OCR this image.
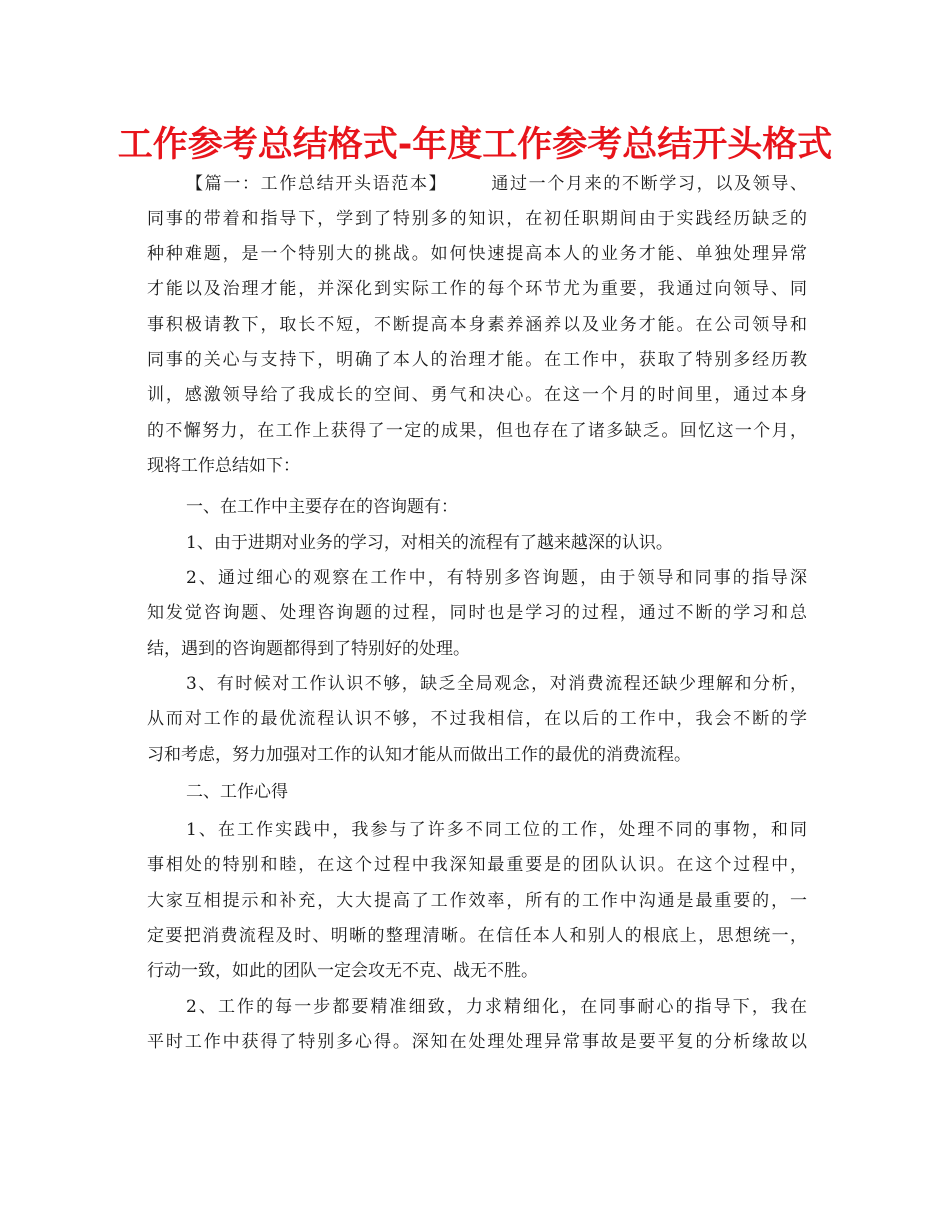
工作参考总结格式-年度工作参考总结开头格式
【篇一：工作总结开头语范本】	通过一个月来的不断学习，以及领导、
同事的带着和指导下，学到了特别多的知识，在初任职期间由于实践经历缺乏的
种种难题，是一个特别大的挑战。如何快速提高本人的业务才能、单独处理异常
才能以及治理才能，并深化到实际工作的每个环节尤为重要，我通过向领导、同
事积极请教下，取长不短，不断提高本身素养涵养以及业务才能。在公司领导和
同事的关心与支持下，明确了本人的治理才能。在工作中，获取了特别多经历教
训，感激领导给了我成长的空间、勇气和决心。在这一个月的时间里，通过本身
的不懈努力，在工作上获得了一定的成果，但也存在了诸多缺乏。回忆这一个月，
现将工作总结如下：
一、在工作中主要存在的咨询题有：
1、由于进期对业务的学习，对相关的流程有了越来越深的认识。
2、通过细心的观察在工作中，有特别多咨询题，由于领导和同事的指导深
知发觉咨询题、处理咨询题的过程，同时也是学习的过程，通过不断的学习和总
结，遇到的咨询题都得到了特别好的处理。
3、有时候对工作认识不够，缺乏全局观念，对消费流程还缺少理解和分析，
从而对工作的最优流程认识不够，不过我相信，在以后的工作中，我会不断的学
习和考虑，努力加强对工作的认知才能从而做出工作的最优的消费流程。
二、工作心得
1、在工作实践中，我参与了许多不同工位的工作，处理不同的事物，和同
事相处的特别和睦，在这个过程中我深知最重要是的团队认识。在这个过程中，
大家互相提示和补充，大大提高了工作效率，所有的工作中沟通是最重要的，一
定要把消费流程及时、明晰的整理清晰。在信任本人和别人的根底上，思想统一，
行动一致，如此的团队一定会攻无不克、战无不胜。
2、工作的每一步都要精准细致，力求精细化，在同事耐心的指导下，我在
平时工作中获得了特别多心得。深知在处理处理异常事故是要平复的分析缘故以
